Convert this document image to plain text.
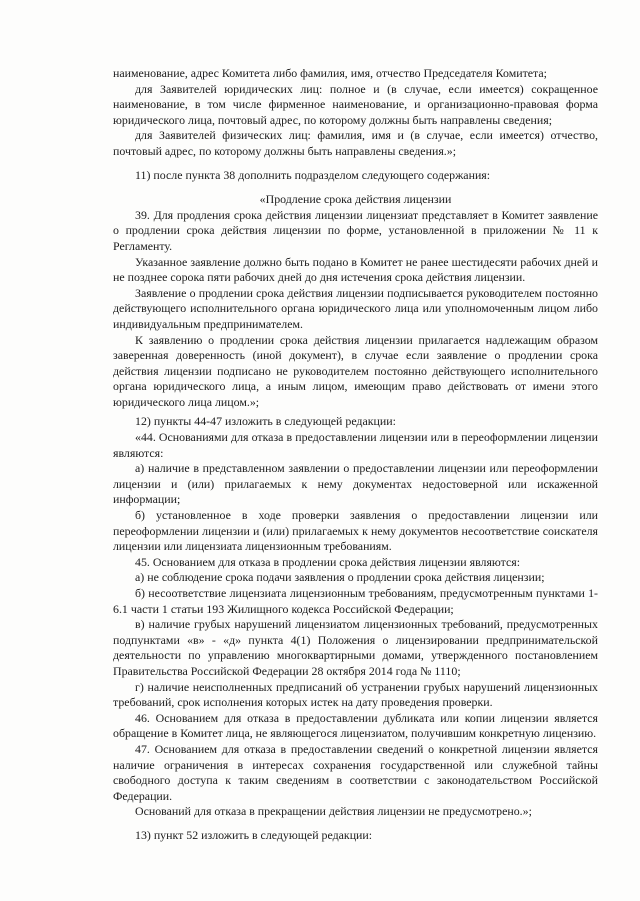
наименование, адрес Комитета либо фамилия, имя, отчество Председателя Комитета;

для Заявителей юридических лиц: полное и (в случае, если имеется) сокращенное наименование, в том числе фирменное наименование, и организационно-правовая форма юридического лица, почтовый адрес, по которому должны быть направлены сведения;

для Заявителей физических лиц: фамилия, имя и (в случае, если имеется) отчество, почтовый адрес, по которому должны быть направлены сведения.»;

11) после пункта 38 дополнить подразделом следующего содержания:

«Продление срока действия лицензии

39. Для продления срока действия лицензии лицензиат представляет в Комитет заявление о продлении срока действия лицензии по форме, установленной в приложении № 11 к Регламенту.

Указанное заявление должно быть подано в Комитет не ранее шестидесяти рабочих дней и не позднее сорока пяти рабочих дней до дня истечения срока действия лицензии.

Заявление о продлении срока действия лицензии подписывается руководителем постоянно действующего исполнительного органа юридического лица или уполномоченным лицом либо индивидуальным предпринимателем.

К заявлению о продлении срока действия лицензии прилагается надлежащим образом заверенная доверенность (иной документ), в случае если заявление о продлении срока действия лицензии подписано не руководителем постоянно действующего исполнительного органа юридического лица, а иным лицом, имеющим право действовать от имени этого юридического лица лицом.»;

12) пункты 44-47 изложить в следующей редакции:

«44. Основаниями для отказа в предоставлении лицензии или в переоформлении лицензии являются:

а) наличие в представленном заявлении о предоставлении лицензии или переоформлении лицензии и (или) прилагаемых к нему документах недостоверной или искаженной информации;

б) установленное в ходе проверки заявления о предоставлении лицензии или переоформлении лицензии и (или) прилагаемых к нему документов несоответствие соискателя лицензии или лицензиата лицензионным требованиям.

45. Основанием для отказа в продлении срока действия лицензии являются:

а) не соблюдение срока подачи заявления о продлении срока действия лицензии;

б) несоответствие лицензиата лицензионным требованиям, предусмотренным пунктами 1-6.1 части 1 статьи 193 Жилищного кодекса Российской Федерации;

в) наличие грубых нарушений лицензиатом лицензионных требований, предусмотренных подпунктами «в» - «д» пункта 4(1) Положения о лицензировании предпринимательской деятельности по управлению многоквартирными домами, утвержденного постановлением Правительства Российской Федерации 28 октября 2014 года № 1110;

г) наличие неисполненных предписаний об устранении грубых нарушений лицензионных требований, срок исполнения которых истек на дату проведения проверки.

46. Основанием для отказа в предоставлении дубликата или копии лицензии является обращение в Комитет лица, не являющегося лицензиатом, получившим конкретную лицензию.

47. Основанием для отказа в предоставлении сведений о конкретной лицензии является наличие ограничения в интересах сохранения государственной или служебной тайны свободного доступа к таким сведениям в соответствии с законодательством Российской Федерации.

Оснований для отказа в прекращении действия лицензии не предусмотрено.»;

13) пункт 52 изложить в следующей редакции:
